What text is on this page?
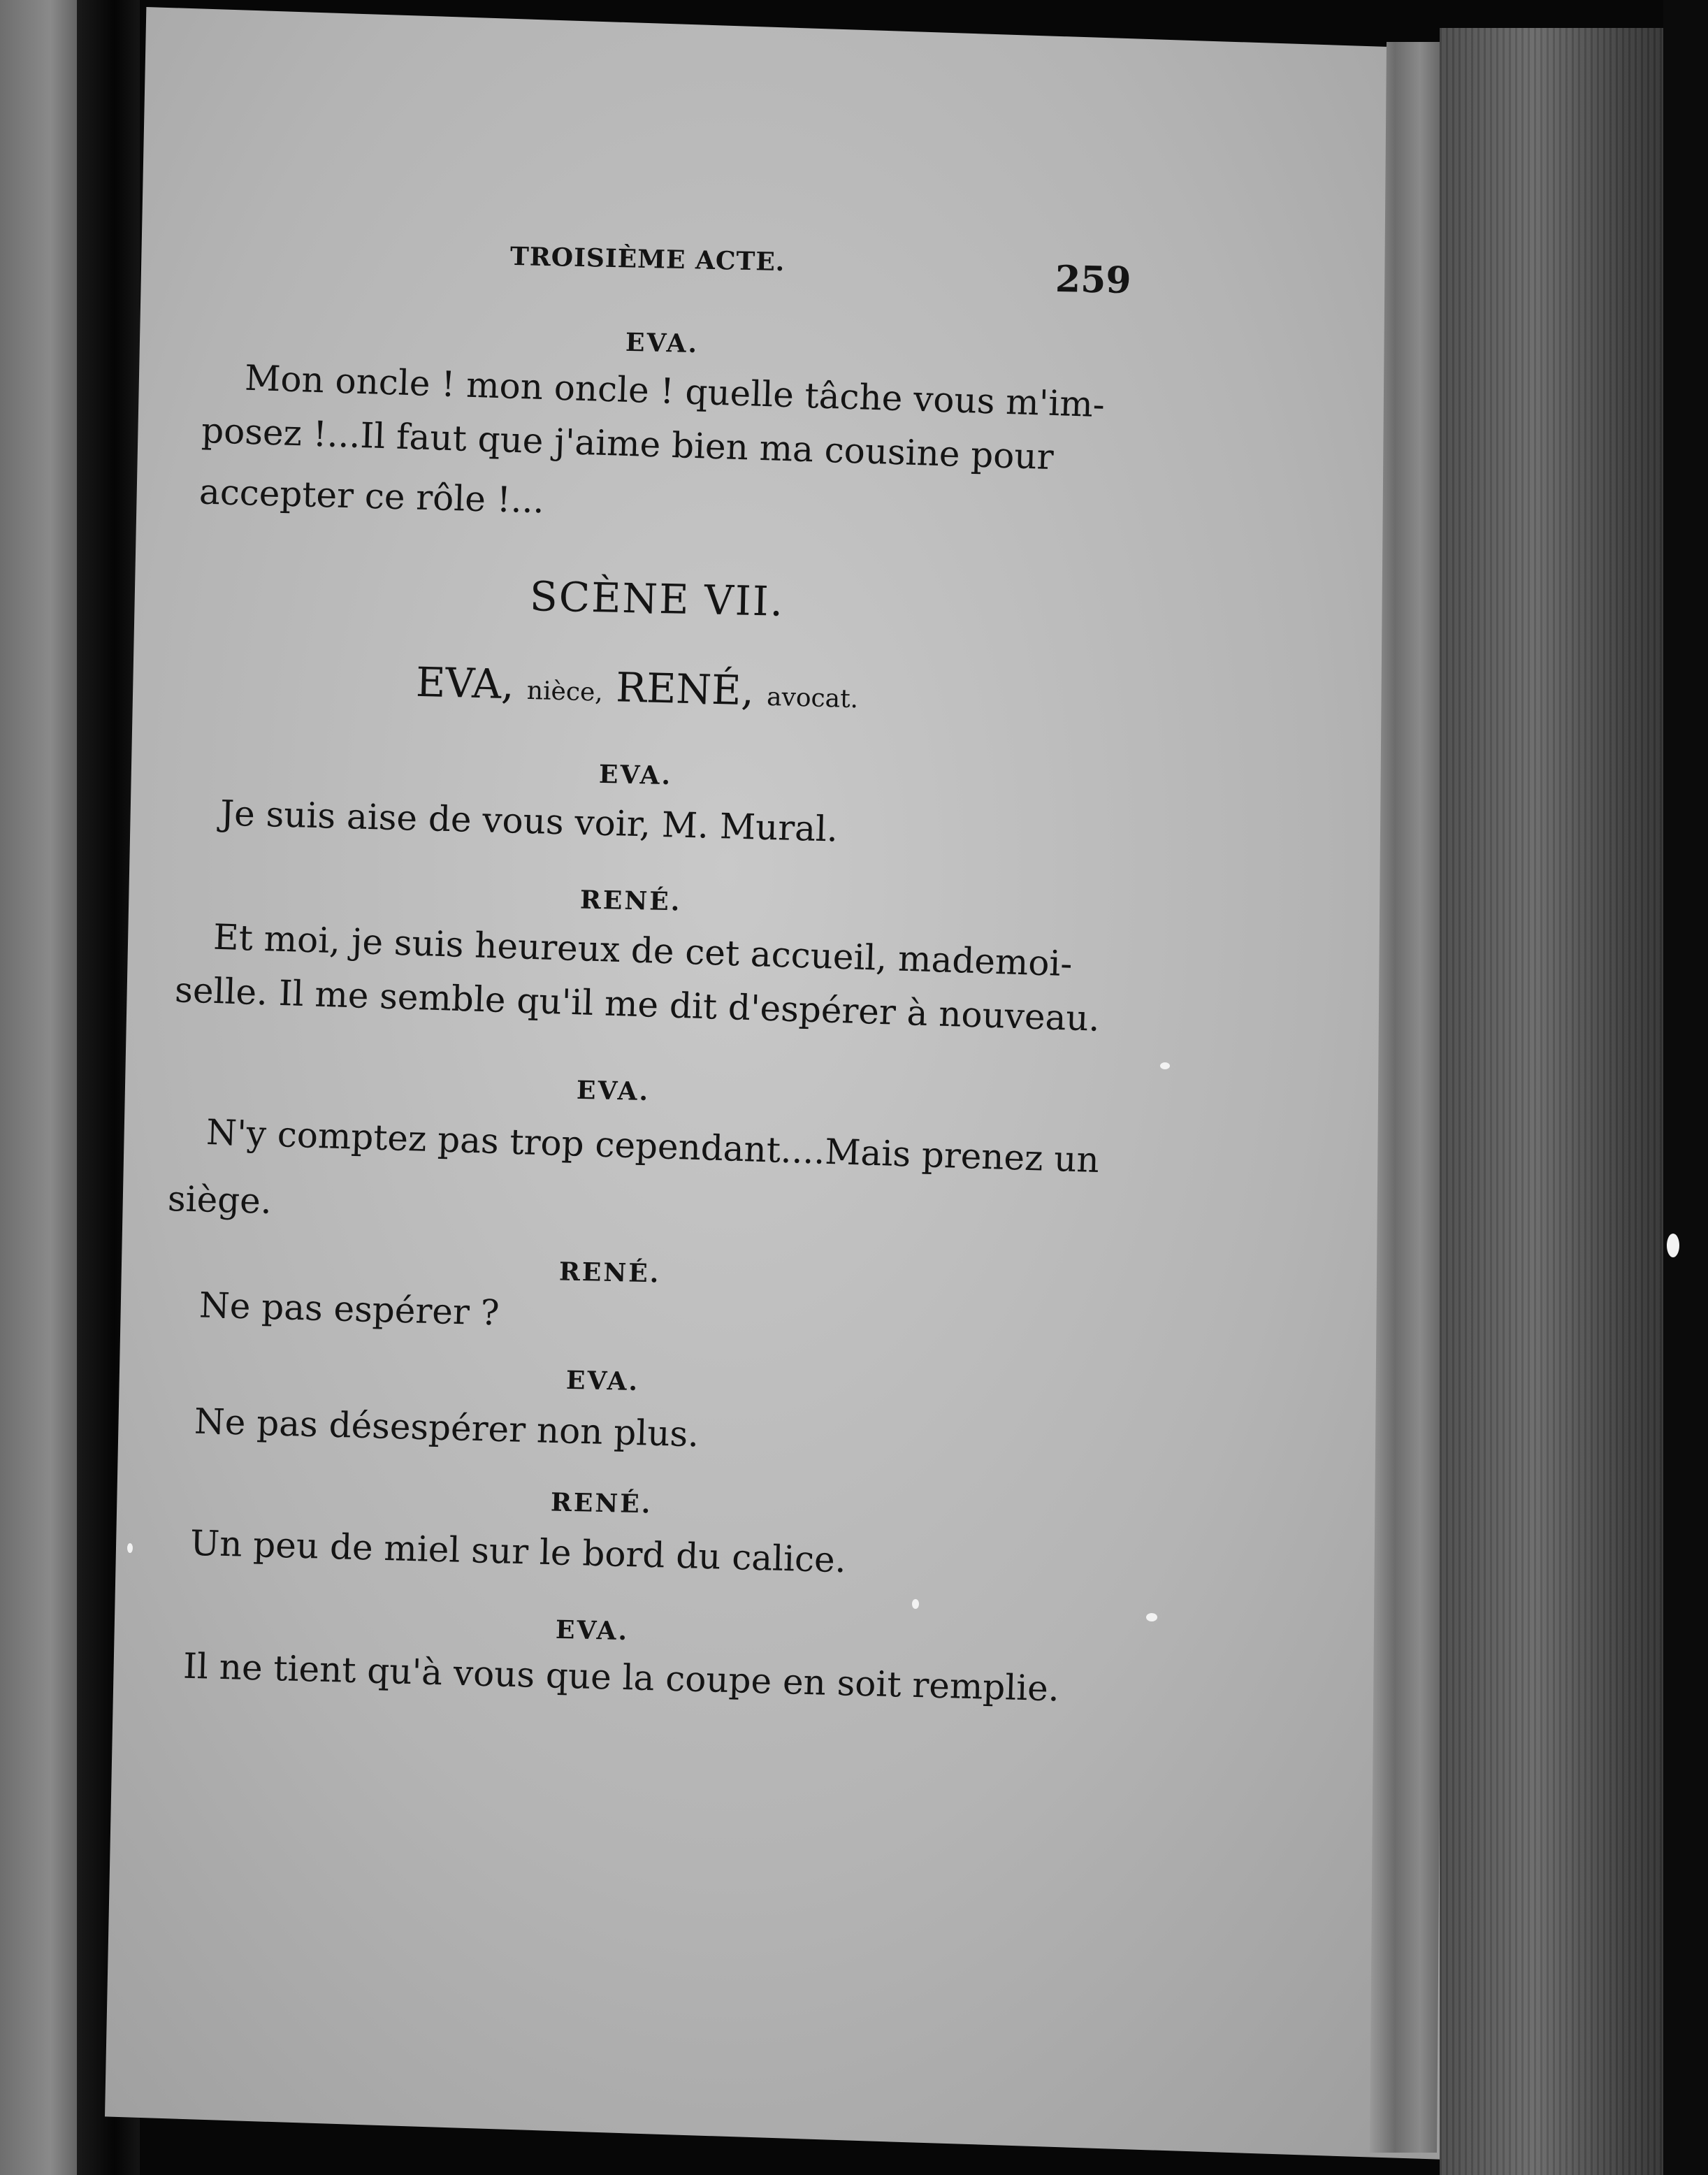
TROISIÈME ACTE.	259
EVA.
Mon oncle ! mon oncle ! quelle tâche vous m'im-
posez !...Il faut que j'aime bien ma cousine pour
accepter ce rôle !...
SCÈNE VII.
EVA, nièce, RENÉ, avocat.
EVA.
Je suis aise de vous voir, M. Mural.
RENÉ.
Et moi, je suis heureux de cet accueil, mademoi-
selle. Il me semble qu'il me dit d'espérer à nouveau.
EVA.
N'y comptez pas trop cependant....Mais prenez un
siège.
RENÉ.
Ne pas espérer ?
EVA.
Ne pas désespérer non plus.
RENÉ.
Un peu de miel sur le bord du calice.
EVA.
Il ne tient qu'à vous que la coupe en soit remplie.
